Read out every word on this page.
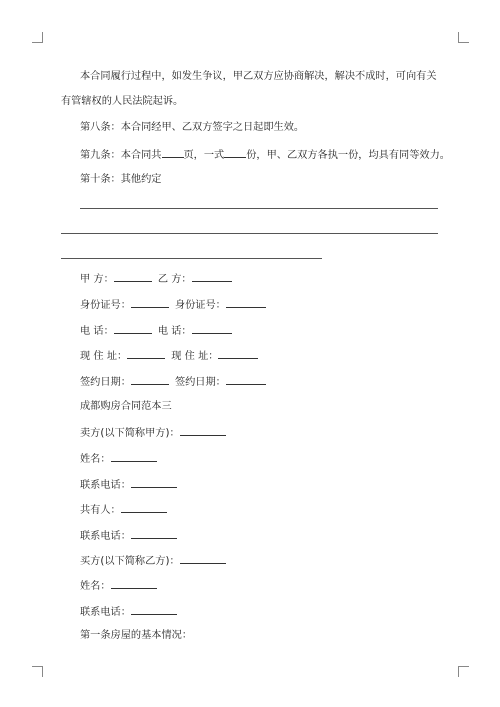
本合同履行过程中，如发生争议，甲乙双方应协商解决，解决不成时，可向有关
有管辖权的人民法院起诉。
第八条：本合同经甲、乙双方签字之日起即生效。
第九条：本合同共 页，一式 份，甲、乙双方各执一份，均具有同等效力。
第十条：其他约定
甲 方：	乙 方：
身份证号：	身份证号：
电 话：	电 话：
现 住 址：	现 住 址：
签约日期：	签约日期：
成都购房合同范本三
卖方(以下简称甲方)：
姓名：
联系电话：
共有人：
联系电话：
买方(以下简称乙方)：
姓名：
联系电话：
第一条房屋的基本情况：
